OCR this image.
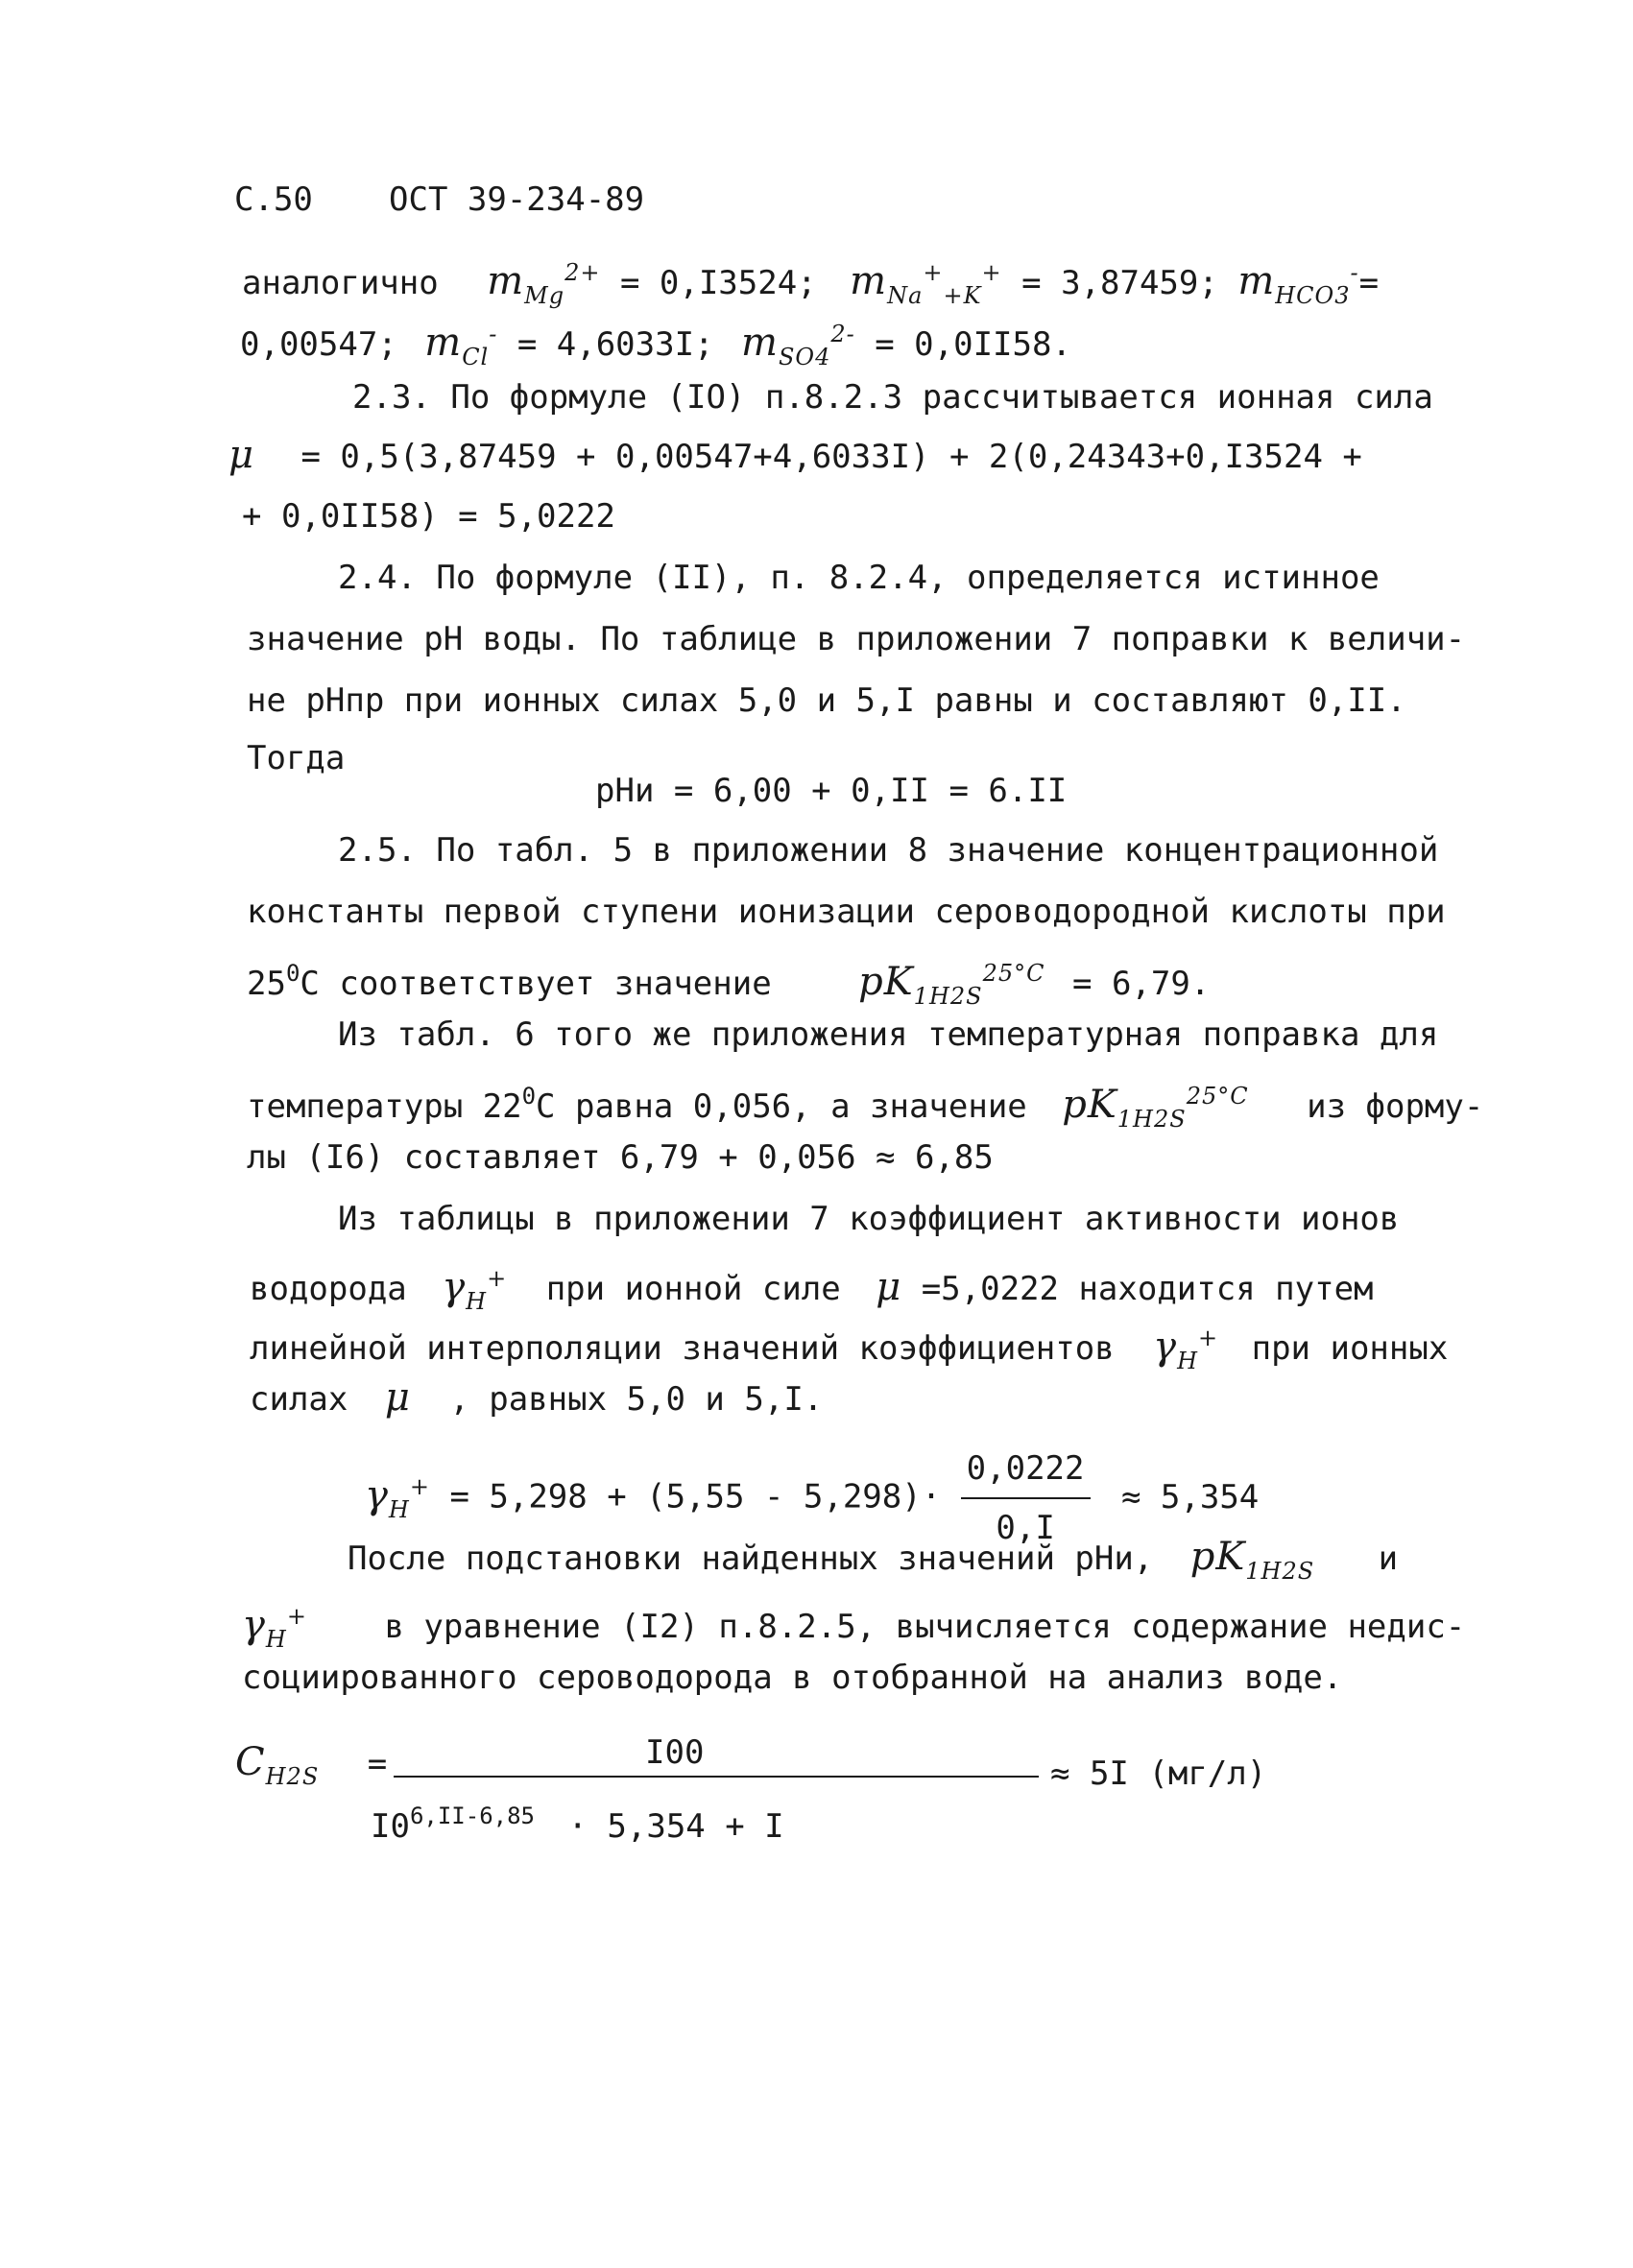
С.50 ОСТ 39-234-89
аналогично $m_{Mg}^{2+} = 0,I3524$; $m_{Na}^+_{+K}^+ = 3,87459$; $m_{HCO3}^-=$
0,00547; $m_{Cl}^- = 4,6033I$; $m_{SO4}^{2-} = 0,0II58$.
2.3. По формуле (IO) п.8.2.3 рассчитывается ионная сила
μ = 0,5(3,87459 + 0,00547+4,6033I) + 2(0,24343+0,I3524 +
+ 0,0II58) = 5,0222
2.4. По формуле (II), п. 8.2.4, определяется истинное
значение рН воды. По таблице в приложении 7 поправки к величи-
не рНпр при ионных силах 5,0 и 5,I равны и составляют 0,II.
Тогда
рНи = 6,00 + 0,II = 6.II
2.5. По табл. 5 в приложении 8 значение концентрационной
константы первой ступени ионизации сероводородной кислоты при
$25^0С$ соответствует значение $pK_{1H2S}^{25^\circ C} = 6,79$.
Из табл. 6 того же приложения температурная поправка для
температуры $22^0С$ равна 0,056, а значение $pK_{1H2S}^{25^\circ C}$ из форму-
лы (I6) составляет 6,79 + 0,056 ≈ 6,85
Из таблицы в приложении 7 коэффициент активности ионов
водорода $\gamma_H^+$ при ионной силе μ =5,0222 находится путем
линейной интерполяции значений коэффициентов $\gamma_H^+$ при ионных
силах μ , равных 5,0 и 5,I.
$\gamma_H^+ = 5,298 + (5,55 - 5,298)\cdot \frac{0,0222}{0,I} \approx 5,354$
После подстановки найденных значений рНи, $pK_{1H2S}$ и
$\gamma_H^+$ в уравнение (I2) п.8.2.5, вычисляется содержание недис-
социированного сероводорода в отобранной на анализ воде.
$C_{H2S}$ =	I00
≈ 5I (мг/л)
$I0^{6,II-6,85} \cdot 5,354 + I$
